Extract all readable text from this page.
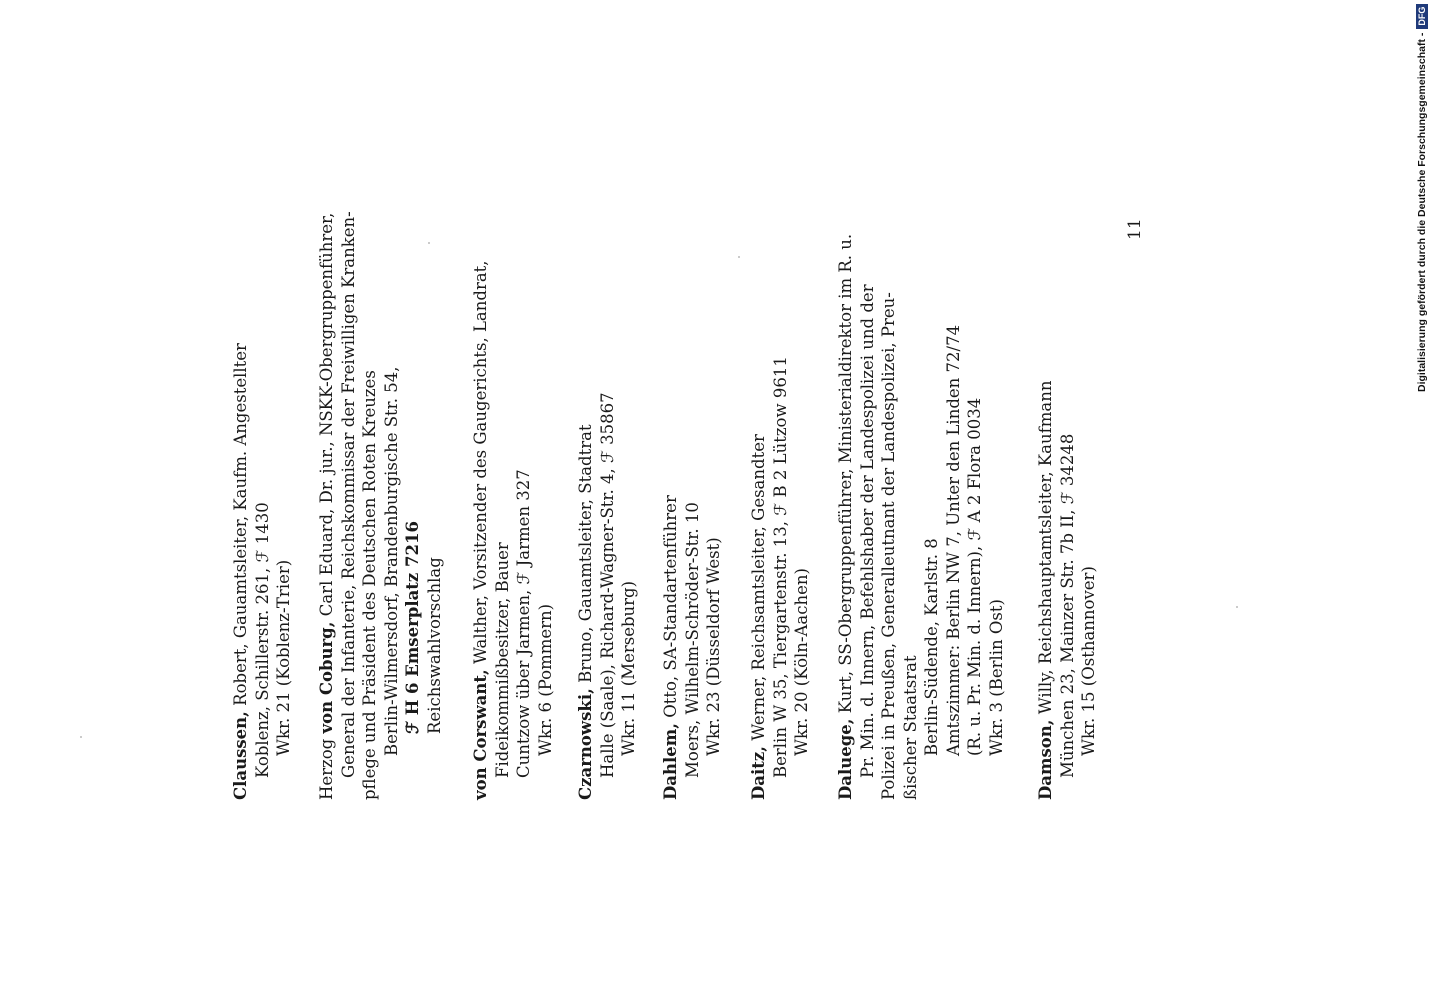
Claussen, Robert, Gauamtsleiter, Kaufm. Angestellter Koblenz, Schillerstr. 261, ℱ 1430 Wkr. 21 (Koblenz-Trier)
Herzog von Coburg, Carl Eduard, Dr. jur., NSKK-Obergruppenführer, General der Infanterie, Reichskommissar der Freiwilligen Kranken- pflege und Präsident des Deutschen Roten Kreuzes Berlin-Wilmersdorf, Brandenburgische Str. 54, ℱ H 6 Emserplatz 7216 Reichswahlvorschlag
von Corswant, Walther, Vorsitzender des Gaugerichts, Landrat, Fideikommißbesitzer, Bauer Cuntzow über Jarmen, ℱ Jarmen 327 Wkr. 6 (Pommern) Czarnowski, Bruno, Gauamtsleiter, Stadtrat Halle (Saale), Richard-Wagner-Str. 4, ℱ 35867 Wkr. 11 (Merseburg)
Dahlem, Otto, SA-Standartenführer Moers, Wilhelm-Schröder-Str. 10 Wkr. 23 (Düsseldorf West)
Daitz, Werner, Reichsamtsleiter, Gesandter Berlin W 35, Tiergartenstr. 13, ℱ B 2 Lützow 9611 Wkr. 20 (Köln-Aachen)
Daluege, Kurt, SS-Obergruppenführer, Ministerialdirektor im R. u. Pr. Min. d. Innern, Befehlshaber der Landespolizei und der Polizei in Preußen, Generalleutnant der Landespolizei, Preu- ßischer Staatsrat Berlin-Südende, Karlstr. 8 Amtszimmer: Berlin NW 7, Unter den Linden 72/74 (R. u. Pr. Min. d. Innern), ℱ A 2 Flora 0034 Wkr. 3 (Berlin Ost)
Damson, Willy, Reichshauptamtsleiter, Kaufmann München 23, Mainzer Str. 7b II, ℱ 34248 Wkr. 15 (Osthannover)
11	Digitalisierung gefördert durch die Deutsche Forschungsgemeinschaft -
DFG
